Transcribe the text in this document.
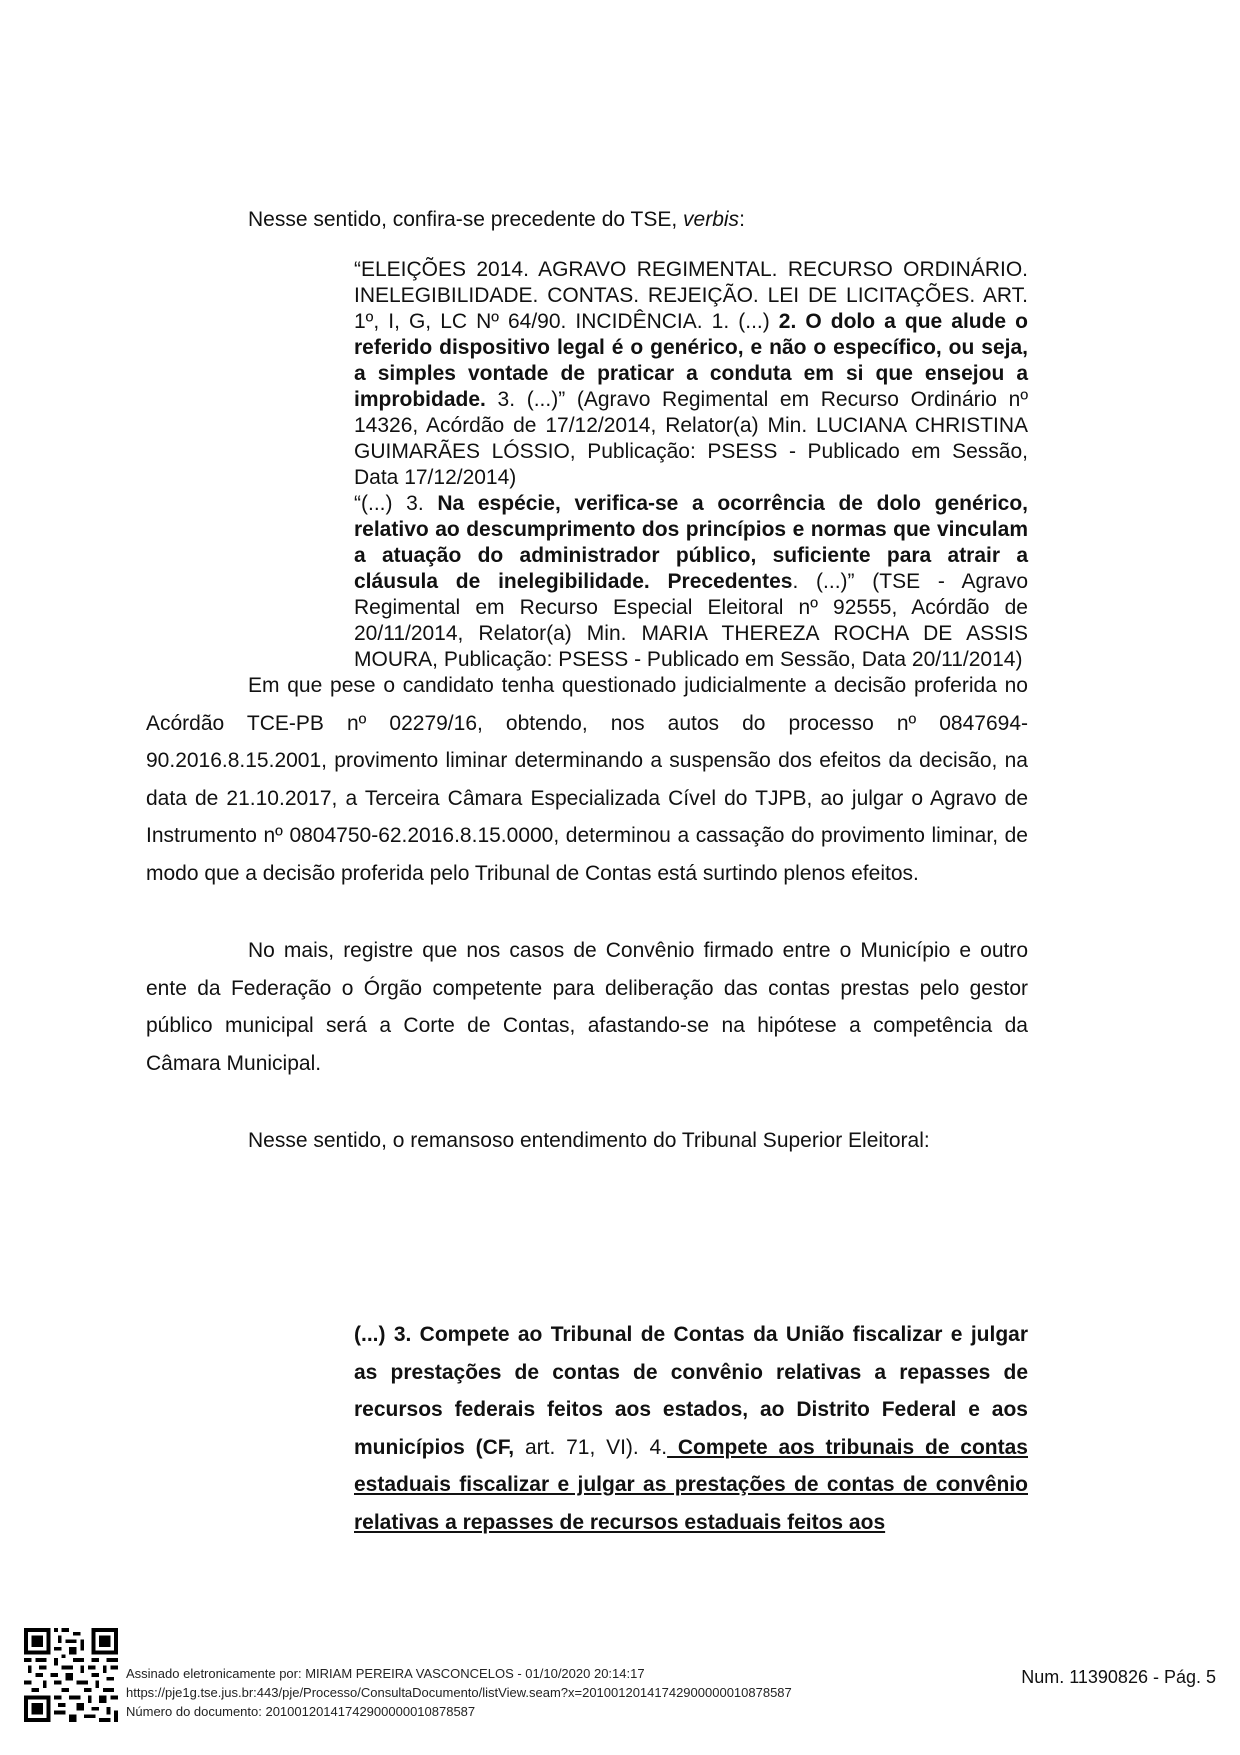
Nesse sentido, confira-se precedente do TSE, verbis:

“ELEIÇÕES 2014. AGRAVO REGIMENTAL. RECURSO ORDINÁRIO. INELEGIBILIDADE. CONTAS. REJEIÇÃO. LEI DE LICITAÇÕES. ART. 1º, I, G, LC Nº 64/90. INCIDÊNCIA. 1. (...) 2. O dolo a que alude o referido dispositivo legal é o genérico, e não o específico, ou seja, a simples vontade de praticar a conduta em si que ensejou a improbidade. 3. (...)” (Agravo Regimental em Recurso Ordinário nº 14326, Acórdão de 17/12/2014, Relator(a) Min. LUCIANA CHRISTINA GUIMARÃES LÓSSIO, Publicação: PSESS - Publicado em Sessão, Data 17/12/2014)

“(...) 3. Na espécie, verifica-se a ocorrência de dolo genérico, relativo ao descumprimento dos princípios e normas que vinculam a atuação do administrador público, suficiente para atrair a cláusula de inelegibilidade. Precedentes. (...)” (TSE - Agravo Regimental em Recurso Especial Eleitoral nº 92555, Acórdão de 20/11/2014, Relator(a) Min. MARIA THEREZA ROCHA DE ASSIS MOURA, Publicação: PSESS - Publicado em Sessão, Data 20/11/2014)

Em que pese o candidato tenha questionado judicialmente a decisão proferida no Acórdão TCE-PB nº 02279/16, obtendo, nos autos do processo nº 0847694-90.2016.8.15.2001, provimento liminar determinando a suspensão dos efeitos da decisão, na data de 21.10.2017, a Terceira Câmara Especializada Cível do TJPB, ao julgar o Agravo de Instrumento nº 0804750-62.2016.8.15.0000, determinou a cassação do provimento liminar, de modo que a decisão proferida pelo Tribunal de Contas está surtindo plenos efeitos.

No mais, registre que nos casos de Convênio firmado entre o Município e outro ente da Federação o Órgão competente para deliberação das contas prestas pelo gestor público municipal será a Corte de Contas, afastando-se na hipótese a competência da Câmara Municipal.

Nesse sentido, o remansoso entendimento do Tribunal Superior Eleitoral:

(...) 3. Compete ao Tribunal de Contas da União fiscalizar e julgar as prestações de contas de convênio relativas a repasses de recursos federais feitos aos estados, ao Distrito Federal e aos municípios (CF, art. 71, VI). 4. Compete aos tribunais de contas estaduais fiscalizar e julgar as prestações de contas de convênio relativas a repasses de recursos estaduais feitos aos

Assinado eletronicamente por: MIRIAM PEREIRA VASCONCELOS - 01/10/2020 20:14:17
https://pje1g.tse.jus.br:443/pje/Processo/ConsultaDocumento/listView.seam?x=20100120141742900000010878587
Número do documento: 20100120141742900000010878587
Num. 11390826 - Pág. 5
